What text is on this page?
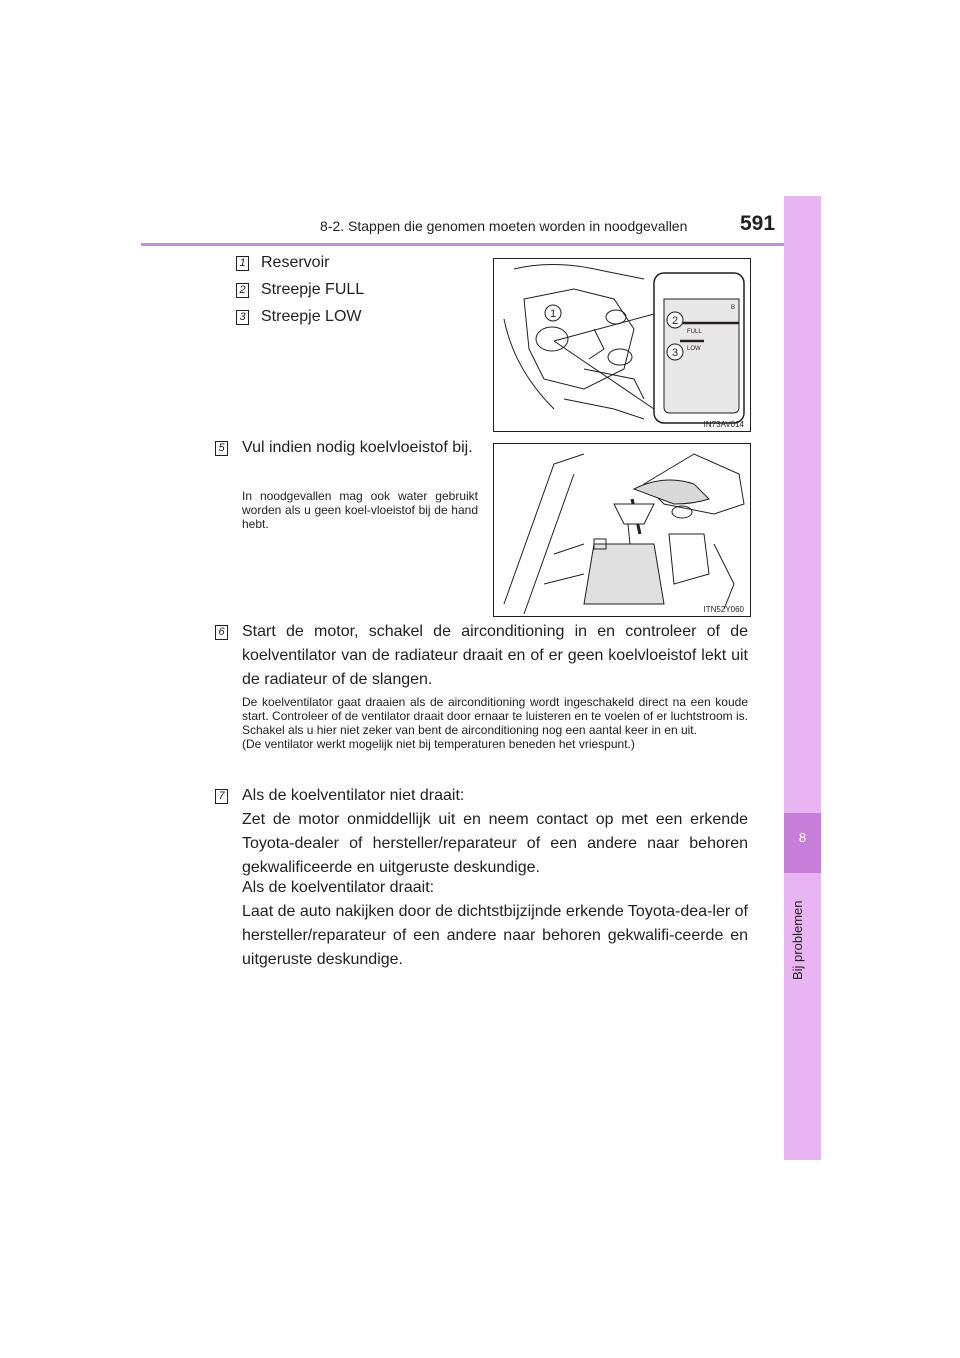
8-2. Stappen die genomen moeten worden in noodgevallen	591
8
Bij problemen
1 Reservoir
2 Streepje FULL
3 Streepje LOW	1
2
3
FULL
LOW
B
IN73AV014
5 Vul indien nodig koelvloeistof bij.

In noodgevallen mag ook water gebruikt worden als u geen koel-vloeistof bij de hand hebt.

ITN52Y060
6 Start de motor, schakel de airconditioning in en controleer of de koelventilator van de radiateur draait en of er geen koelvloeistof lekt uit de radiateur of de slangen.

De koelventilator gaat draaien als de airconditioning wordt ingeschakeld direct na een koude start. Controleer of de ventilator draait door ernaar te luisteren en te voelen of er luchtstroom is. Schakel als u hier niet zeker van bent de airconditioning nog een aantal keer in en uit.

(De ventilator werkt mogelijk niet bij temperaturen beneden het vriespunt.)

7 Als de koelventilator niet draait:

Zet de motor onmiddellijk uit en neem contact op met een erkende Toyota-dealer of hersteller/reparateur of een andere naar behoren gekwalificeerde en uitgeruste deskundige.

Als de koelventilator draait:

Laat de auto nakijken door de dichtstbijzijnde erkende Toyota-dea-ler of hersteller/reparateur of een andere naar behoren gekwalifi-ceerde en uitgeruste deskundige.
